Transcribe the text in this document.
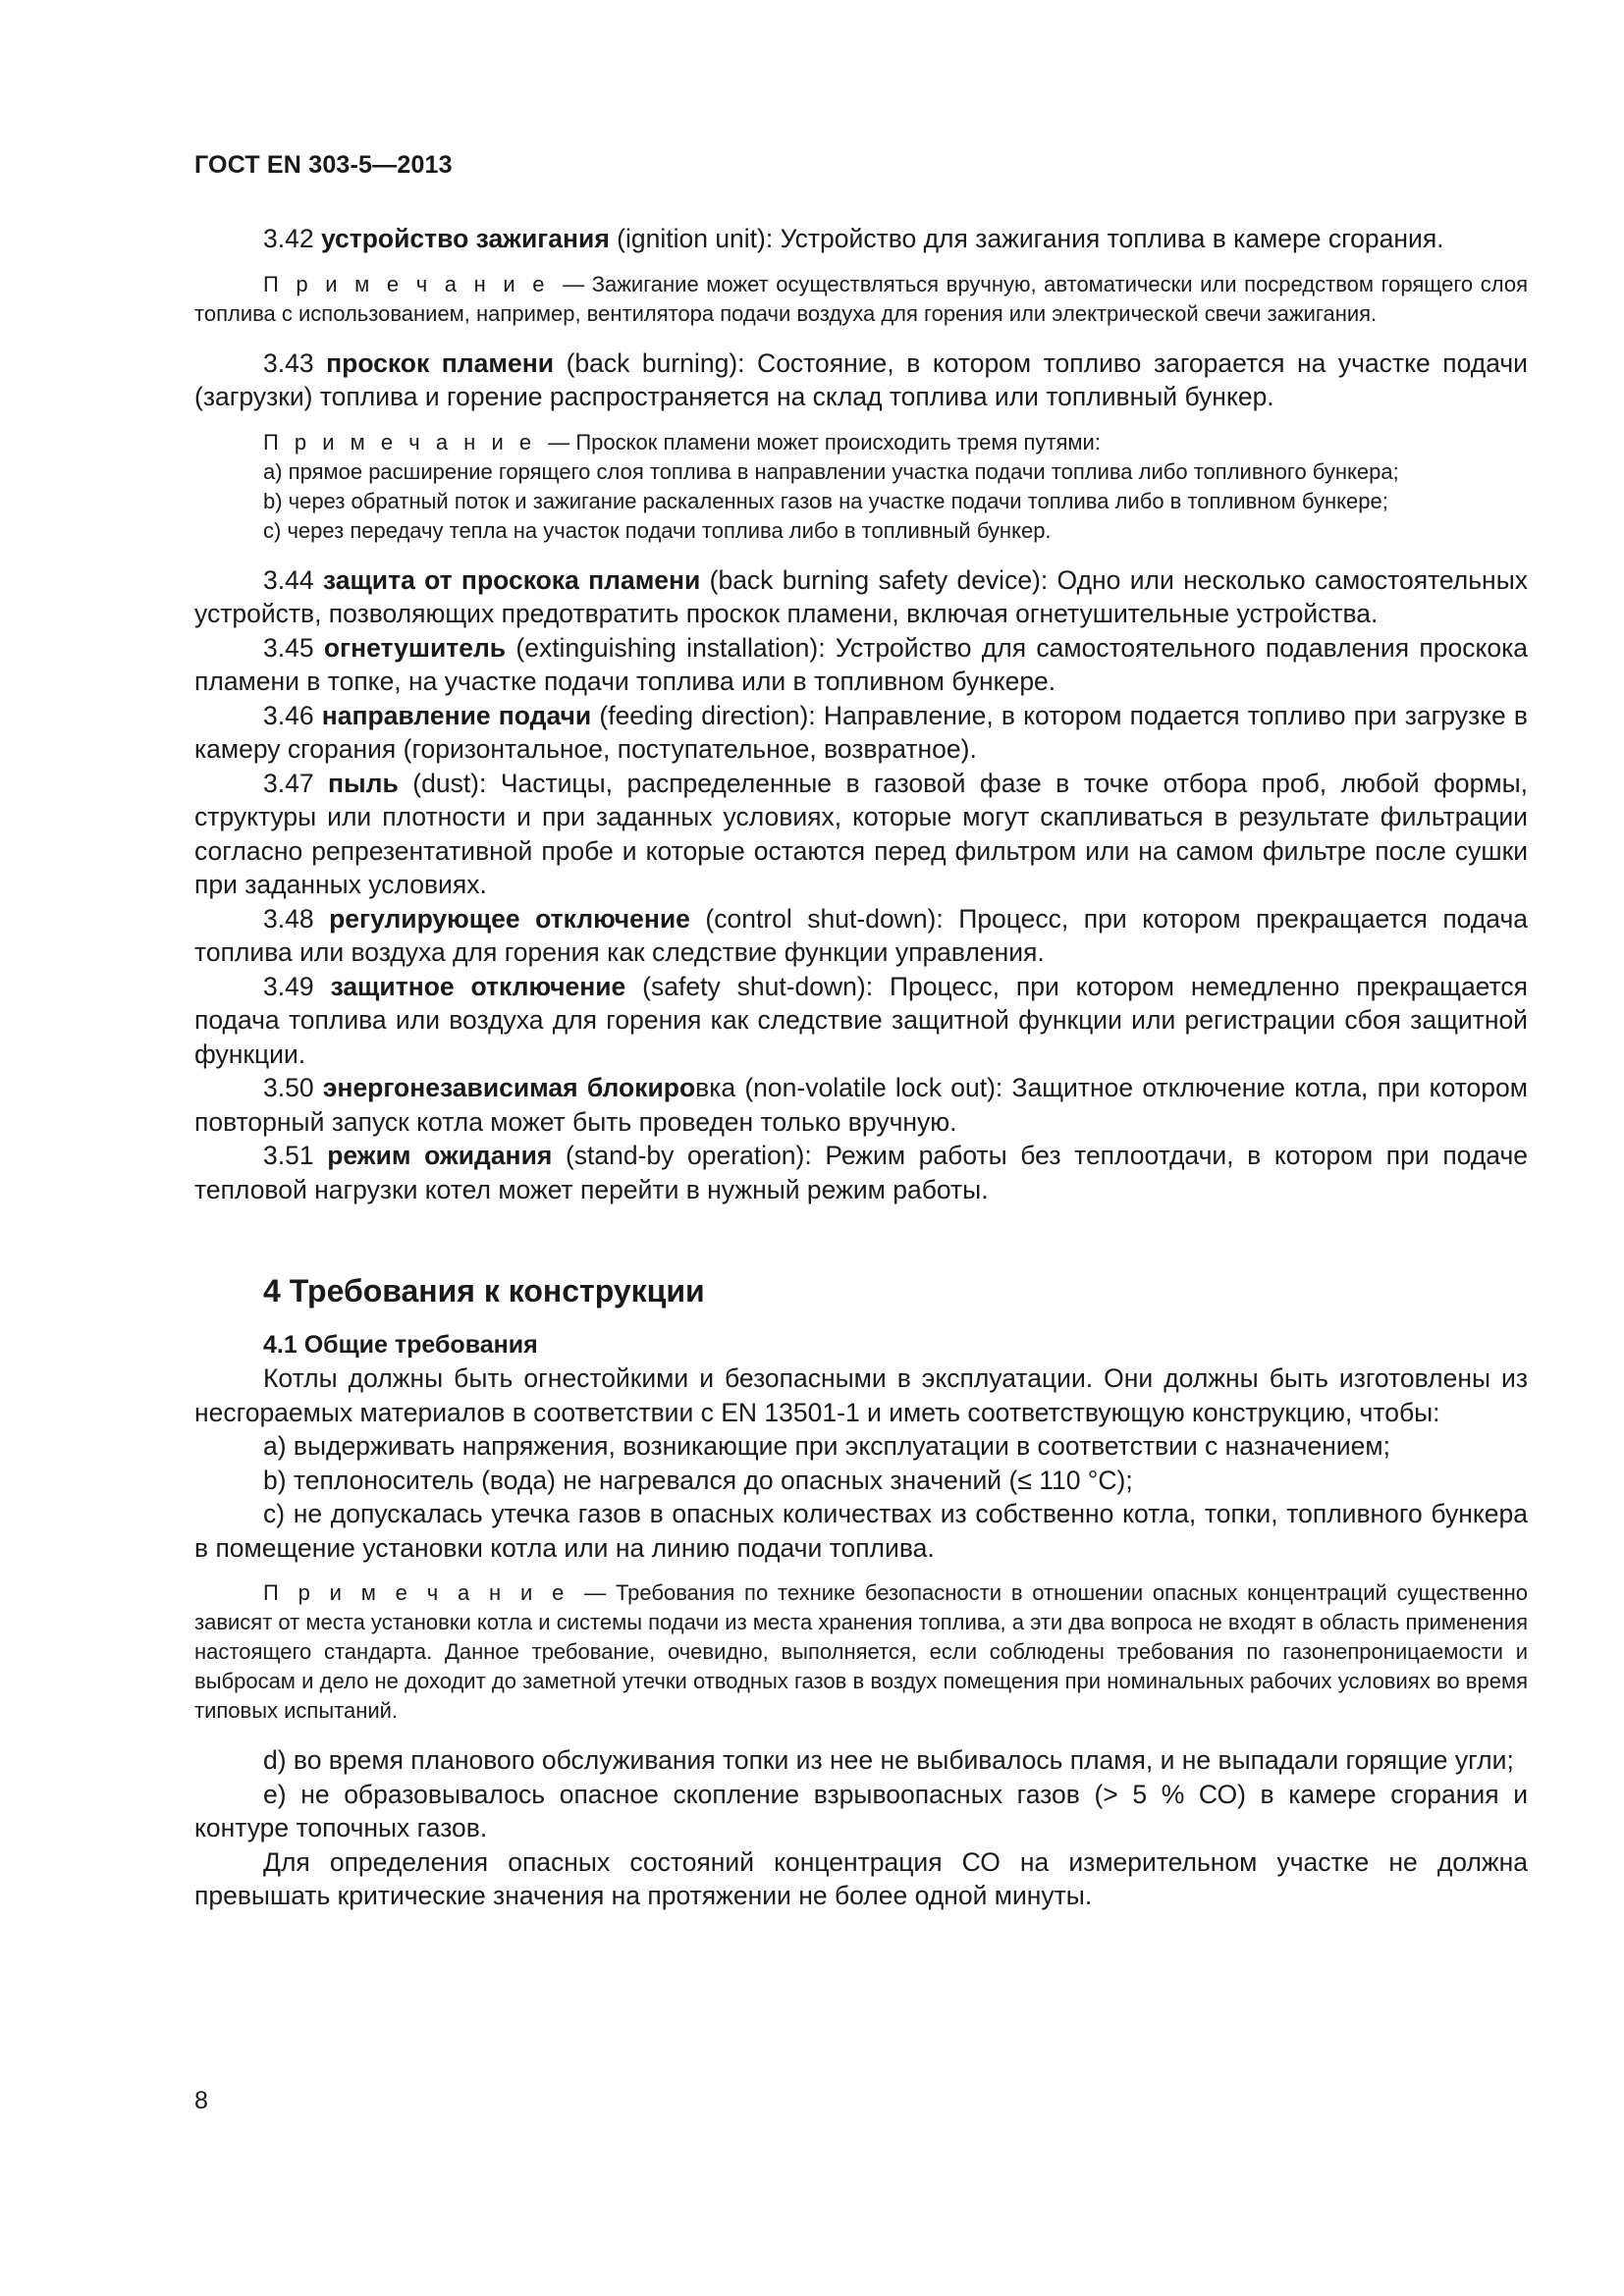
ГОСТ EN 303-5—2013

3.42 устройство зажигания (ignition unit): Устройство для зажигания топлива в камере сгорания.

П р и м е ч а н и е — Зажигание может осуществляться вручную, автоматически или посредством горящего слоя топлива с использованием, например, вентилятора подачи воздуха для горения или электрической свечи зажигания.

3.43 проскок пламени (back burning): Состояние, в котором топливо загорается на участке подачи (загрузки) топлива и горение распространяется на склад топлива или топливный бункер.

П р и м е ч а н и е — Проскок пламени может происходить тремя путями:

а) прямое расширение горящего слоя топлива в направлении участка подачи топлива либо топливного бункера;

b) через обратный поток и зажигание раскаленных газов на участке подачи топлива либо в топливном бункере;

с) через передачу тепла на участок подачи топлива либо в топливный бункер.

3.44 защита от проскока пламени (back burning safety device): Одно или несколько самостоятельных устройств, позволяющих предотвратить проскок пламени, включая огнетушительные устройства.

3.45 огнетушитель (extinguishing installation): Устройство для самостоятельного подавления проскока пламени в топке, на участке подачи топлива или в топливном бункере.

3.46 направление подачи (feeding direction): Направление, в котором подается топливо при загрузке в камеру сгорания (горизонтальное, поступательное, возвратное).

3.47 пыль (dust): Частицы, распределенные в газовой фазе в точке отбора проб, любой формы, структуры или плотности и при заданных условиях, которые могут скапливаться в результате фильтрации согласно репрезентативной пробе и которые остаются перед фильтром или на самом фильтре после сушки при заданных условиях.

3.48 регулирующее отключение (control shut-down): Процесс, при котором прекращается подача топлива или воздуха для горения как следствие функции управления.

3.49 защитное отключение (safety shut-down): Процесс, при котором немедленно прекращается подача топлива или воздуха для горения как следствие защитной функции или регистрации сбоя защитной функции.

3.50 энергонезависимая блокировка (non-volatile lock out): Защитное отключение котла, при котором повторный запуск котла может быть проведен только вручную.

3.51 режим ожидания (stand-by operation): Режим работы без теплоотдачи, в котором при подаче тепловой нагрузки котел может перейти в нужный режим работы.

4 Требования к конструкции
4.1 Общие требования

Котлы должны быть огнестойкими и безопасными в эксплуатации. Они должны быть изготовлены из несгораемых материалов в соответствии с EN 13501-1 и иметь соответствующую конструкцию, чтобы:

а) выдерживать напряжения, возникающие при эксплуатации в соответствии с назначением;

b) теплоноситель (вода) не нагревался до опасных значений (≤ 110 °С);

с) не допускалась утечка газов в опасных количествах из собственно котла, топки, топливного бункера в помещение установки котла или на линию подачи топлива.

П р и м е ч а н и е — Требования по технике безопасности в отношении опасных концентраций существенно зависят от места установки котла и системы подачи из места хранения топлива, а эти два вопроса не входят в область применения настоящего стандарта. Данное требование, очевидно, выполняется, если соблюдены требования по газонепроницаемости и выбросам и дело не доходит до заметной утечки отводных газов в воздух помещения при номинальных рабочих условиях во время типовых испытаний.

d) во время планового обслуживания топки из нее не выбивалось пламя, и не выпадали горящие угли;

е) не образовывалось опасное скопление взрывоопасных газов (> 5 % СО) в камере сгорания и контуре топочных газов.

Для определения опасных состояний концентрация СО на измерительном участке не должна превышать критические значения на протяжении не более одной минуты.

8
